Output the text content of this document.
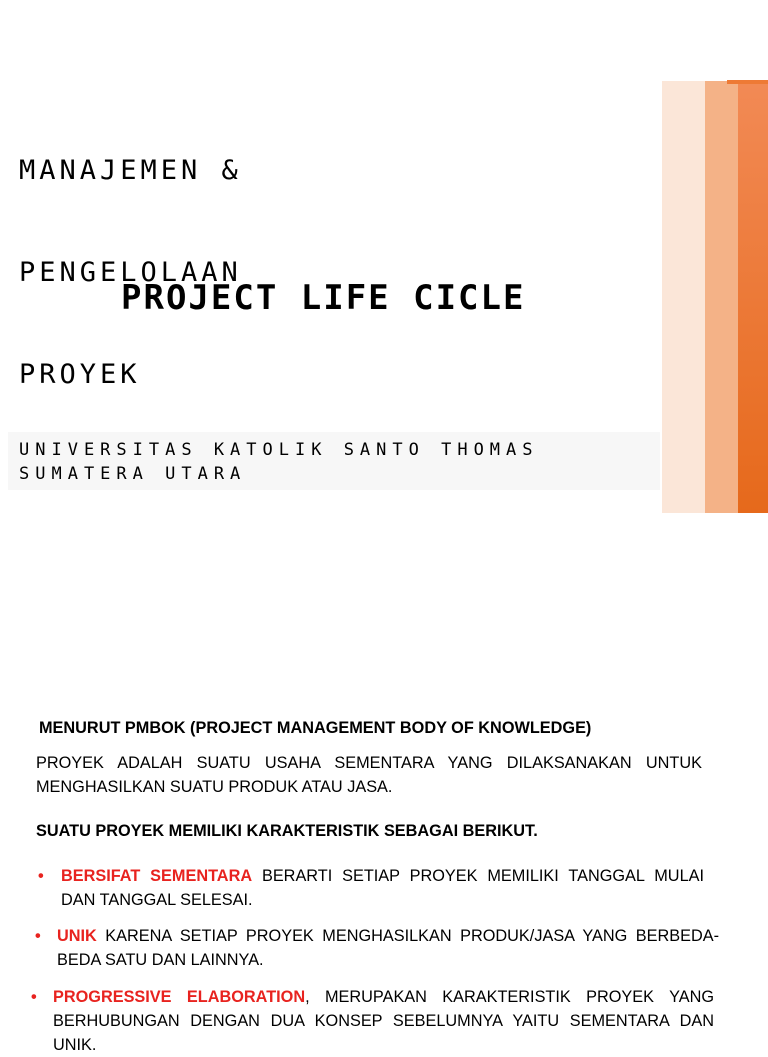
MANAJEMEN &

PENGELOLAAN

PROYEK

PROJECT LIFE CICLE

UNIVERSITAS KATOLIK SANTO THOMAS
SUMATERA UTARA

MENURUT PMBOK (PROJECT MANAGEMENT BODY OF KNOWLEDGE)

PROYEK ADALAH SUATU USAHA SEMENTARA YANG DILAKSANAKAN UNTUK MENGHASILKAN SUATU PRODUK ATAU JASA.

SUATU PROYEK MEMILIKI KARAKTERISTIK SEBAGAI BERIKUT.

• BERSIFAT SEMENTARA BERARTI SETIAP PROYEK MEMILIKI TANGGAL MULAI DAN TANGGAL SELESAI.

• UNIK KARENA SETIAP PROYEK MENGHASILKAN PRODUK/JASA YANG BERBEDA-BEDA SATU DAN LAINNYA.

• PROGRESSIVE ELABORATION, MERUPAKAN KARAKTERISTIK PROYEK YANG BERHUBUNGAN DENGAN DUA KONSEP SEBELUMNYA YAITU SEMENTARA DAN UNIK.
